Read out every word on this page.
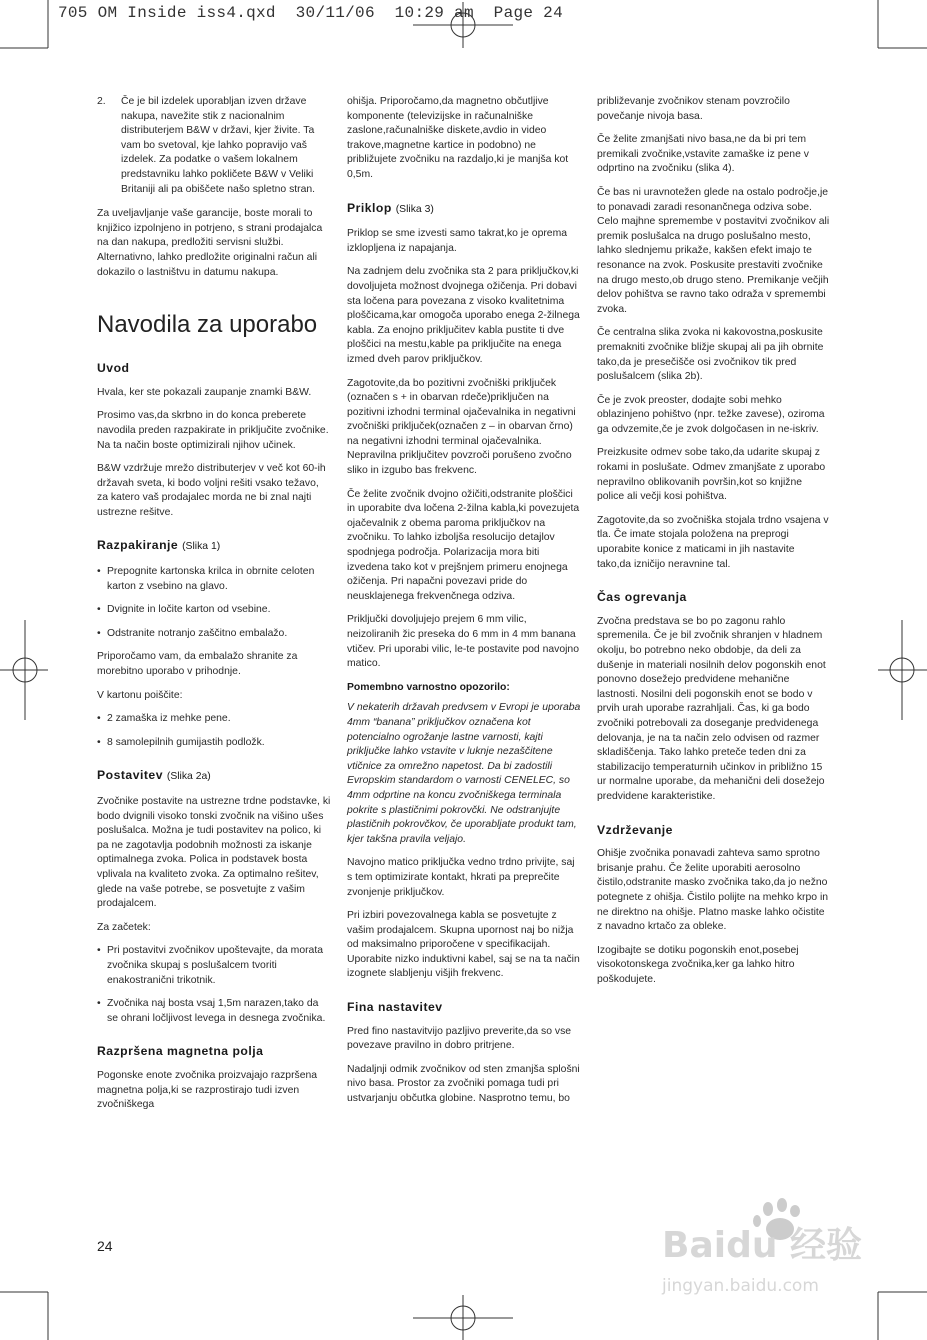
705 OM Inside iss4.qxd  30/11/06  10:29 am  Page 24
2.	Če je bil izdelek uporabljan izven države nakupa, navežite stik z nacionalnim distributerjem B&W v državi, kjer živite. Ta vam bo svetoval, kje lahko popravijo vaš izdelek. Za podatke o vašem lokalnem predstavniku lahko pokličete B&W v Veliki Britaniji ali pa obiščete našo spletno stran.

Za uveljavljanje vaše garancije, boste morali to knjižico izpolnjeno in potrjeno, s strani prodajalca na dan nakupa, predložiti servisni službi. Alternativno, lahko predložite originalni račun ali dokazilo o lastništvu in datumu nakupa.

Navodila za uporabo
Uvod

Hvala, ker ste pokazali zaupanje znamki B&W.

Prosimo vas,da skrbno in do konca preberete navodila preden razpakirate in priključite zvočnike. Na ta način boste optimizirali njihov učinek.

B&W vzdržuje mrežo distributerjev v več kot 60-ih državah sveta, ki bodo voljni rešiti vsako težavo, za katero vaš prodajalec morda ne bi znal najti ustrezne rešitve.

Razpakiranje (Slika 1)
• Prepognite kartonska krilca in obrnite celoten karton z vsebino na glavo.
• Dvignite in ločite karton od vsebine.
• Odstranite notranjo zaščitno embalažo.

Priporočamo vam, da embalažo shranite za morebitno uporabo v prihodnje.

V kartonu poiščite:

• 2 zamaška iz mehke pene.
• 8 samolepilnih gumijastih podložk.
Postavitev (Slika 2a)

Zvočnike postavite na ustrezne trdne podstavke, ki bodo dvignili visoko tonski zvočnik na višino ušes poslušalca. Možna je tudi postavitev na polico, ki pa ne zagotavlja podobnih možnosti za iskanje optimalnega zvoka. Polica in podstavek bosta vplivala na kvaliteto zvoka. Za optimalno rešitev, glede na vaše potrebe, se posvetujte z vašim prodajalcem.

Za začetek:

• Pri postavitvi zvočnikov upoštevajte, da morata zvočnika skupaj s poslušalcem tvoriti enakostranični trikotnik.
• Zvočnika naj bosta vsaj 1,5m narazen,tako da se ohrani ločljivost levega in desnega zvočnika.
Razpršena magnetna polja

Pogonske enote zvočnika proizvajajo razpršena magnetna polja,ki se razprostirajo tudi izven zvočniškega

ohišja. Priporočamo,da magnetno občutljive komponente (televizijske in računalniške zaslone,računalniške diskete,avdio in video trakove,magnetne kartice in podobno) ne približujete zvočniku na razdaljo,ki je manjša kot 0,5m.

Priklop (Slika 3)

Priklop se sme izvesti samo takrat,ko je oprema izklopljena iz napajanja.

Na zadnjem delu zvočnika sta 2 para priključkov,ki dovoljujeta možnost dvojnega ožičenja. Pri dobavi sta ločena para povezana z visoko kvalitetnima ploščicama,kar omogoča uporabo enega 2-žilnega kabla. Za enojno priključitev kabla pustite ti dve ploščici na mestu,kable pa priključite na enega izmed dveh parov priključkov.

Zagotovite,da bo pozitivni zvočniški priključek (označen s + in obarvan rdeče)priključen na pozitivni izhodni terminal ojačevalnika in negativni zvočniški priključek(označen z – in obarvan črno) na negativni izhodni terminal ojačevalnika. Nepravilna priključitev povzroči porušeno zvočno sliko in izgubo bas frekvenc.

Če želite zvočnik dvojno ožičiti,odstranite ploščici in uporabite dva ločena 2-žilna kabla,ki povezujeta ojačevalnik z obema paroma priključkov na zvočniku. To lahko izboljša resolucijo detajlov spodnjega področja. Polarizacija mora biti izvedena tako kot v prejšnjem primeru enojnega ožičenja. Pri napačni povezavi pride do neusklajenega frekvenčnega odziva.

Priključki dovoljujejo prejem 6 mm vilic, neizoliranih žic preseka do 6 mm in 4 mm banana vtičev. Pri uporabi vilic, le-te postavite pod navojno matico.

Pomembno varnostno opozorilo:

V nekaterih državah predvsem v Evropi je uporaba 4mm “banana” priključkov označena kot potencialno ogrožanje lastne varnosti, kajti priključke lahko vstavite v luknje nezaščitene vtičnice za omrežno napetost. Da bi zadostili Evropskim standardom o varnosti CENELEC, so 4mm odprtine na koncu zvočniškega terminala pokrite s plastičnimi pokrovčki. Ne odstranjujte plastičnih pokrovčkov, če uporabljate produkt tam, kjer takšna pravila veljajo.

Navojno matico priključka vedno trdno privijte, saj s tem optimizirate kontakt, hkrati pa preprečite zvonjenje priključkov.

Pri izbiri povezovalnega kabla se posvetujte z vašim prodajalcem. Skupna upornost naj bo nižja od maksimalno priporočene v specifikacijah. Uporabite nizko induktivni kabel, saj se na ta način izognete slabljenju višjih frekvenc.

Fina nastavitev

Pred fino nastavitvijo pazljivo preverite,da so vse povezave pravilno in dobro pritrjene.

Nadaljnji odmik zvočnikov od sten zmanjša splošni nivo basa. Prostor za zvočniki pomaga tudi pri ustvarjanju občutka globine. Nasprotno temu, bo

približevanje zvočnikov stenam povzročilo povečanje nivoja basa.

Če želite zmanjšati nivo basa,ne da bi pri tem premikali zvočnike,vstavite zamaške iz pene v odprtino na zvočniku (slika 4).

Če bas ni uravnotežen glede na ostalo področje,je to ponavadi zaradi resonančnega odziva sobe. Celo majhne spremembe v postavitvi zvočnikov ali premik poslušalca na drugo poslušalno mesto, lahko slednjemu prikaže, kakšen efekt imajo te resonance na zvok. Poskusite prestaviti zvočnike na drugo mesto,ob drugo steno. Premikanje večjih delov pohištva se ravno tako odraža v spremembi zvoka.

Če centralna slika zvoka ni kakovostna,poskusite premakniti zvočnike bližje skupaj ali pa jih obrnite tako,da je presečišče osi zvočnikov tik pred poslušalcem (slika 2b).

Če je zvok preoster, dodajte sobi mehko oblazinjeno pohištvo (npr. težke zavese), oziroma ga odvzemite,če je zvok dolgočasen in ne-iskriv.

Preizkusite odmev sobe tako,da udarite skupaj z rokami in poslušate. Odmev zmanjšate z uporabo nepravilno oblikovanih površin,kot so knjižne police ali večji kosi pohištva.

Zagotovite,da so zvočniška stojala trdno vsajena v tla. Če imate stojala položena na preprogi uporabite konice z maticami in jih nastavite tako,da izničijo neravnine tal.

Čas ogrevanja

Zvočna predstava se bo po zagonu rahlo spremenila. Če je bil zvočnik shranjen v hladnem okolju, bo potrebno neko obdobje, da deli za dušenje in materiali nosilnih delov pogonskih enot ponovno dosežejo predvidene mehanične lastnosti. Nosilni deli pogonskih enot se bodo v prvih urah uporabe razrahljali. Čas, ki ga bodo zvočniki potrebovali za doseganje predvidenega delovanja, je na ta način zelo odvisen od razmer skladiščenja. Tako lahko preteče teden dni za stabilizacijo temperaturnih učinkov in približno 15 ur normalne uporabe, da mehanični deli dosežejo predvidene karakteristike.

Vzdrževanje

Ohišje zvočnika ponavadi zahteva samo sprotno brisanje prahu. Če želite uporabiti aerosolno čistilo,odstranite masko zvočnika tako,da jo nežno potegnete z ohišja. Čistilo polijte na mehko krpo in ne direktno na ohišje. Platno maske lahko očistite z navadno krtačo za obleke.

Izogibajte se dotiku pogonskih enot,posebej visokotonskega zvočnika,ker ga lahko hitro poškodujete.

24	Baidu 经验
jingyan.baidu.com
